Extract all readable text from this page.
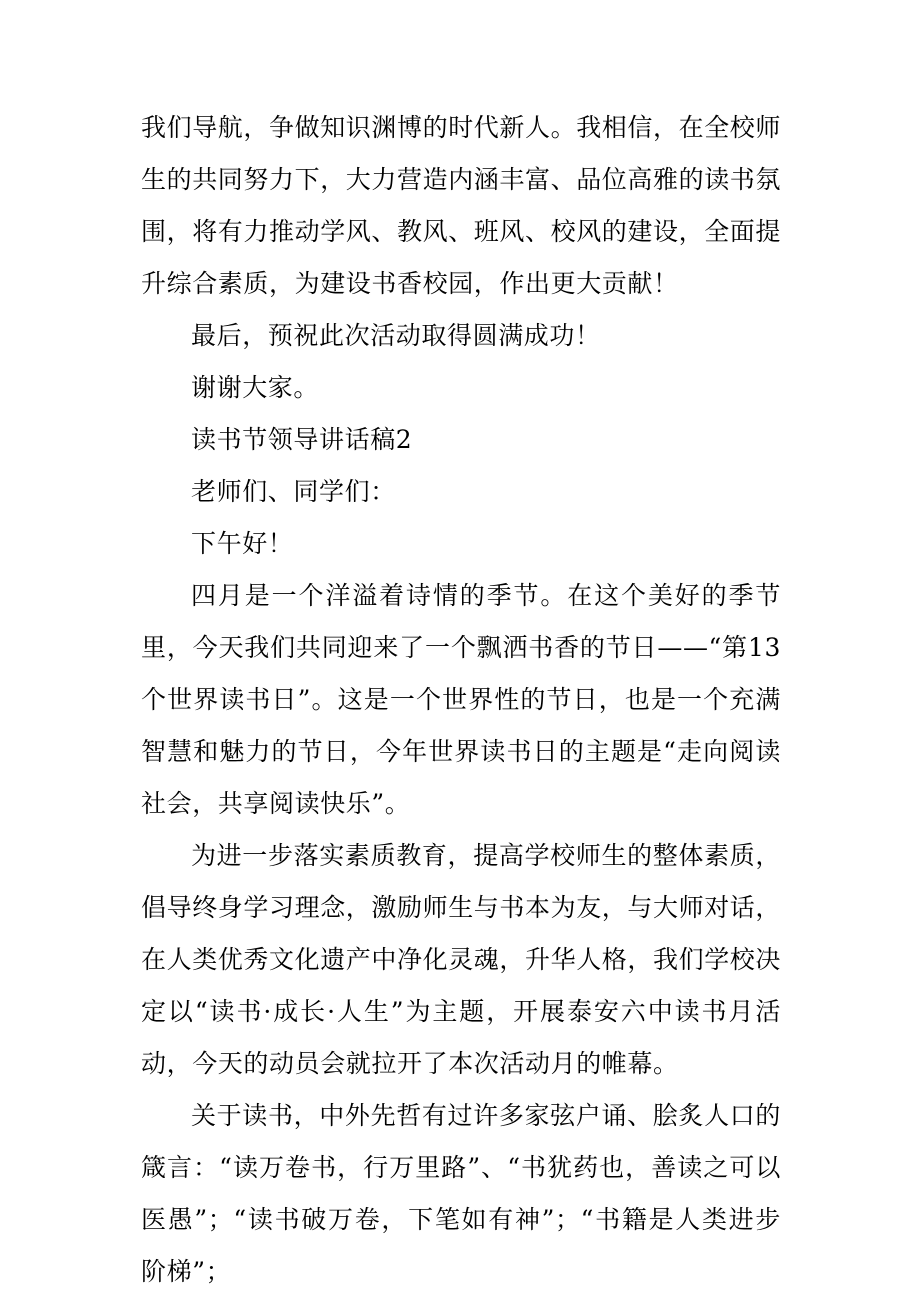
我们导航，争做知识渊博的时代新人。我相信，在全校师生的共同努力下，大力营造内涵丰富、品位高雅的读书氛围，将有力推动学风、教风、班风、校风的建设，全面提升综合素质，为建设书香校园，作出更大贡献！

最后，预祝此次活动取得圆满成功！

谢谢大家。

读书节领导讲话稿2

老师们、同学们：

下午好！

四月是一个洋溢着诗情的季节。在这个美好的季节里，今天我们共同迎来了一个飘洒书香的节日——“第13个世界读书日”。这是一个世界性的节日，也是一个充满智慧和魅力的节日，今年世界读书日的主题是“走向阅读社会，共享阅读快乐”。

为进一步落实素质教育，提高学校师生的整体素质，倡导终身学习理念，激励师生与书本为友，与大师对话，在人类优秀文化遗产中净化灵魂，升华人格，我们学校决定以“读书·成长·人生”为主题，开展泰安六中读书月活动，今天的动员会就拉开了本次活动月的帷幕。

关于读书，中外先哲有过许多家弦户诵、脍炙人口的箴言：“读万卷书，行万里路”、“书犹药也，善读之可以医愚”；“读书破万卷，下笔如有神”；“书籍是人类进步阶梯”；
